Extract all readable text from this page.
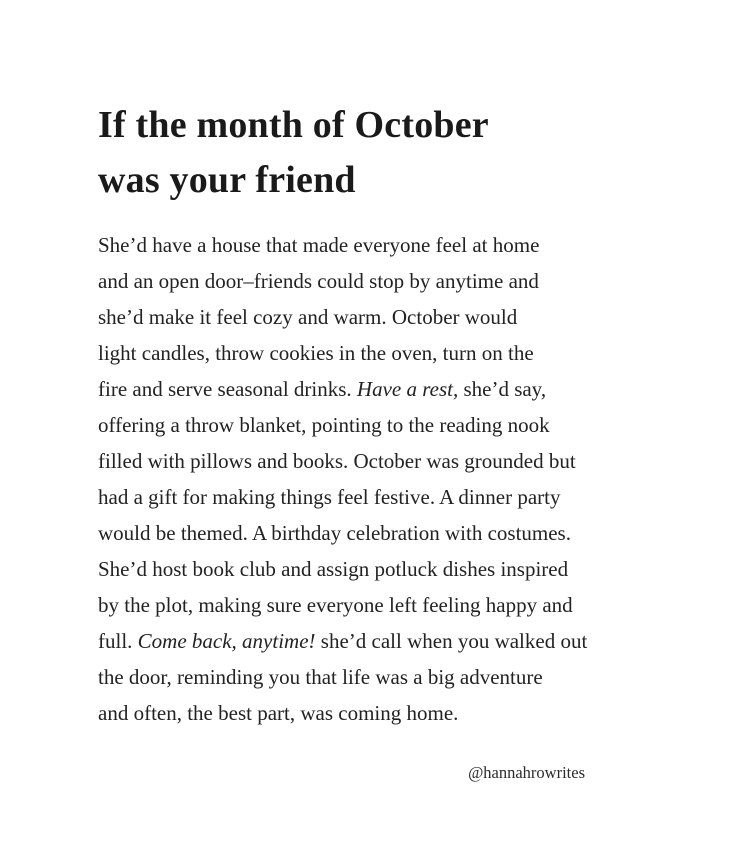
If the month of October
was your friend
She’d have a house that made everyone feel at home
and an open door–friends could stop by anytime and
she’d make it feel cozy and warm. October would
light candles, throw cookies in the oven, turn on the
fire and serve seasonal drinks. Have a rest, she’d say,
offering a throw blanket, pointing to the reading nook
filled with pillows and books. October was grounded but
had a gift for making things feel festive. A dinner party
would be themed. A birthday celebration with costumes.
She’d host book club and assign potluck dishes inspired
by the plot, making sure everyone left feeling happy and
full. Come back, anytime! she’d call when you walked out
the door, reminding you that life was a big adventure
and often, the best part, was coming home.
@hannahrowrites
